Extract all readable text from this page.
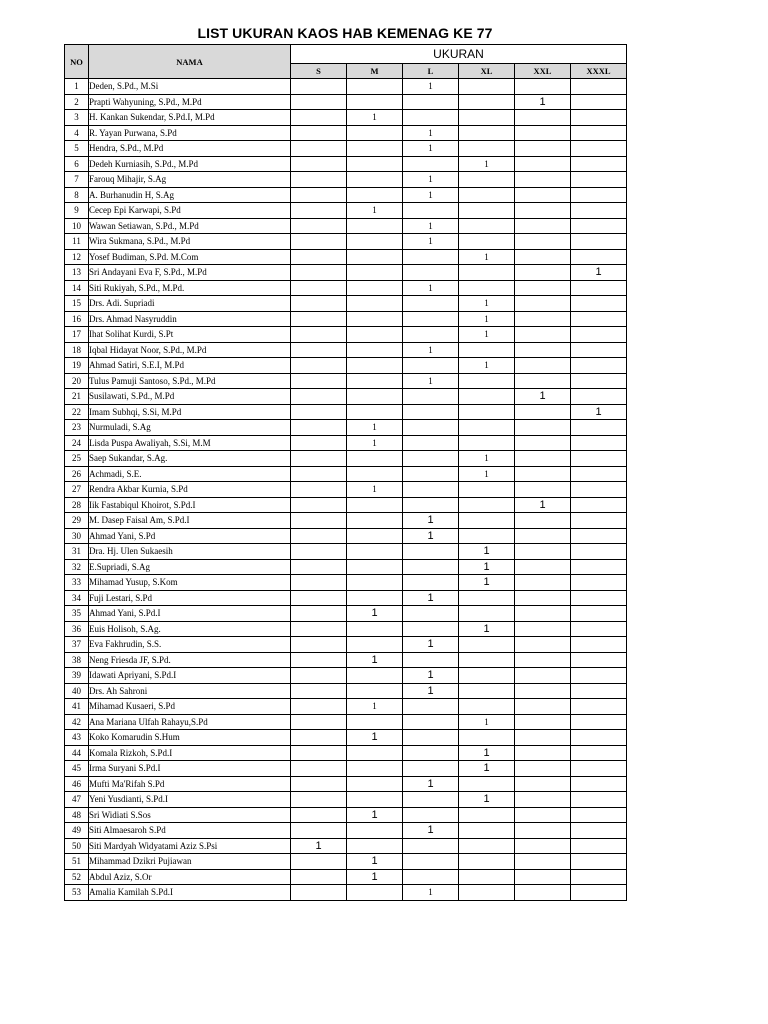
LIST UKURAN KAOS HAB KEMENAG KE 77
NO	NAMA	UKURAN					
		S	M	L	XL	XXL	XXXL
1	Deden, S.Pd., M.Si			1			
2	Prapti Wahyuning, S.Pd., M.Pd					1	
3	H. Kankan Sukendar, S.Pd.I, M.Pd		1				
4	R. Yayan Purwana, S.Pd			1			
5	Hendra, S.Pd., M.Pd			1			
6	Dedeh Kurniasih, S.Pd., M.Pd				1		
7	Farouq Mihajir, S.Ag			1			
8	A. Burhanudin H, S.Ag			1			
9	Cecep Epi Karwapi, S.Pd		1				
10	Wawan Setiawan, S.Pd., M.Pd			1			
11	Wira Sukmana, S.Pd., M.Pd			1			
12	Yosef Budiman, S.Pd. M.Com				1		
13	Sri Andayani Eva F, S.Pd., M.Pd						1
14	Siti Rukiyah, S.Pd., M.Pd.			1			
15	Drs. Adi. Supriadi				1		
16	Drs. Ahmad Nasyruddin				1		
17	Ihat Solihat Kurdi, S.Pt				1		
18	Iqbal Hidayat Noor, S.Pd., M.Pd			1			
19	Ahmad Satiri, S.E.I, M.Pd				1		
20	Tulus Pamuji Santoso, S.Pd., M.Pd			1			
21	Susilawati, S.Pd., M.Pd					1	
22	Imam Subhqi, S.Si, M.Pd						1
23	Nurmuladi, S.Ag		1				
24	Lisda Puspa Awaliyah, S.Si, M.M		1				
25	Saep Sukandar, S.Ag.				1		
26	Achmadi, S.E.				1		
27	Rendra Akbar Kurnia, S.Pd		1				
28	Iik Fastabiqul Khoirot, S.Pd.I					1	
29	M. Dasep Faisal Am, S.Pd.I			1			
30	Ahmad Yani, S.Pd			1			
31	Dra. Hj. Ulen Sukaesih				1		
32	E.Supriadi, S.Ag				1		
33	Mihamad Yusup, S.Kom				1		
34	Fuji Lestari, S.Pd			1			
35	Ahmad Yani, S.Pd.I		1				
36	Euis Holisoh, S.Ag.				1		
37	Eva Fakhrudin, S.S.			1			
38	Neng Friesda JF, S.Pd.		1				
39	Idawati Apriyani, S.Pd.I			1			
40	Drs. Ah Sahroni			1			
41	Mihamad Kusaeri, S.Pd		1				
42	Ana Mariana Ulfah Rahayu,S.Pd				1		
43	Koko Komarudin S.Hum		1				
44	Komala Rizkoh, S.Pd.I				1		
45	Irma Suryani S.Pd.I				1		
46	Mufti Ma'Rifah S.Pd			1			
47	Yeni Yusdianti, S.Pd.I				1		
48	Sri Widiati S.Sos		1				
49	Siti Almaesaroh S.Pd			1			
50	Siti Mardyah Widyatami Aziz S.Psi	1					
51	Mihammad Dzikri Pujiawan		1				
52	Abdul Aziz, S.Or		1				
53	Amalia Kamilah S.Pd.I			1			
